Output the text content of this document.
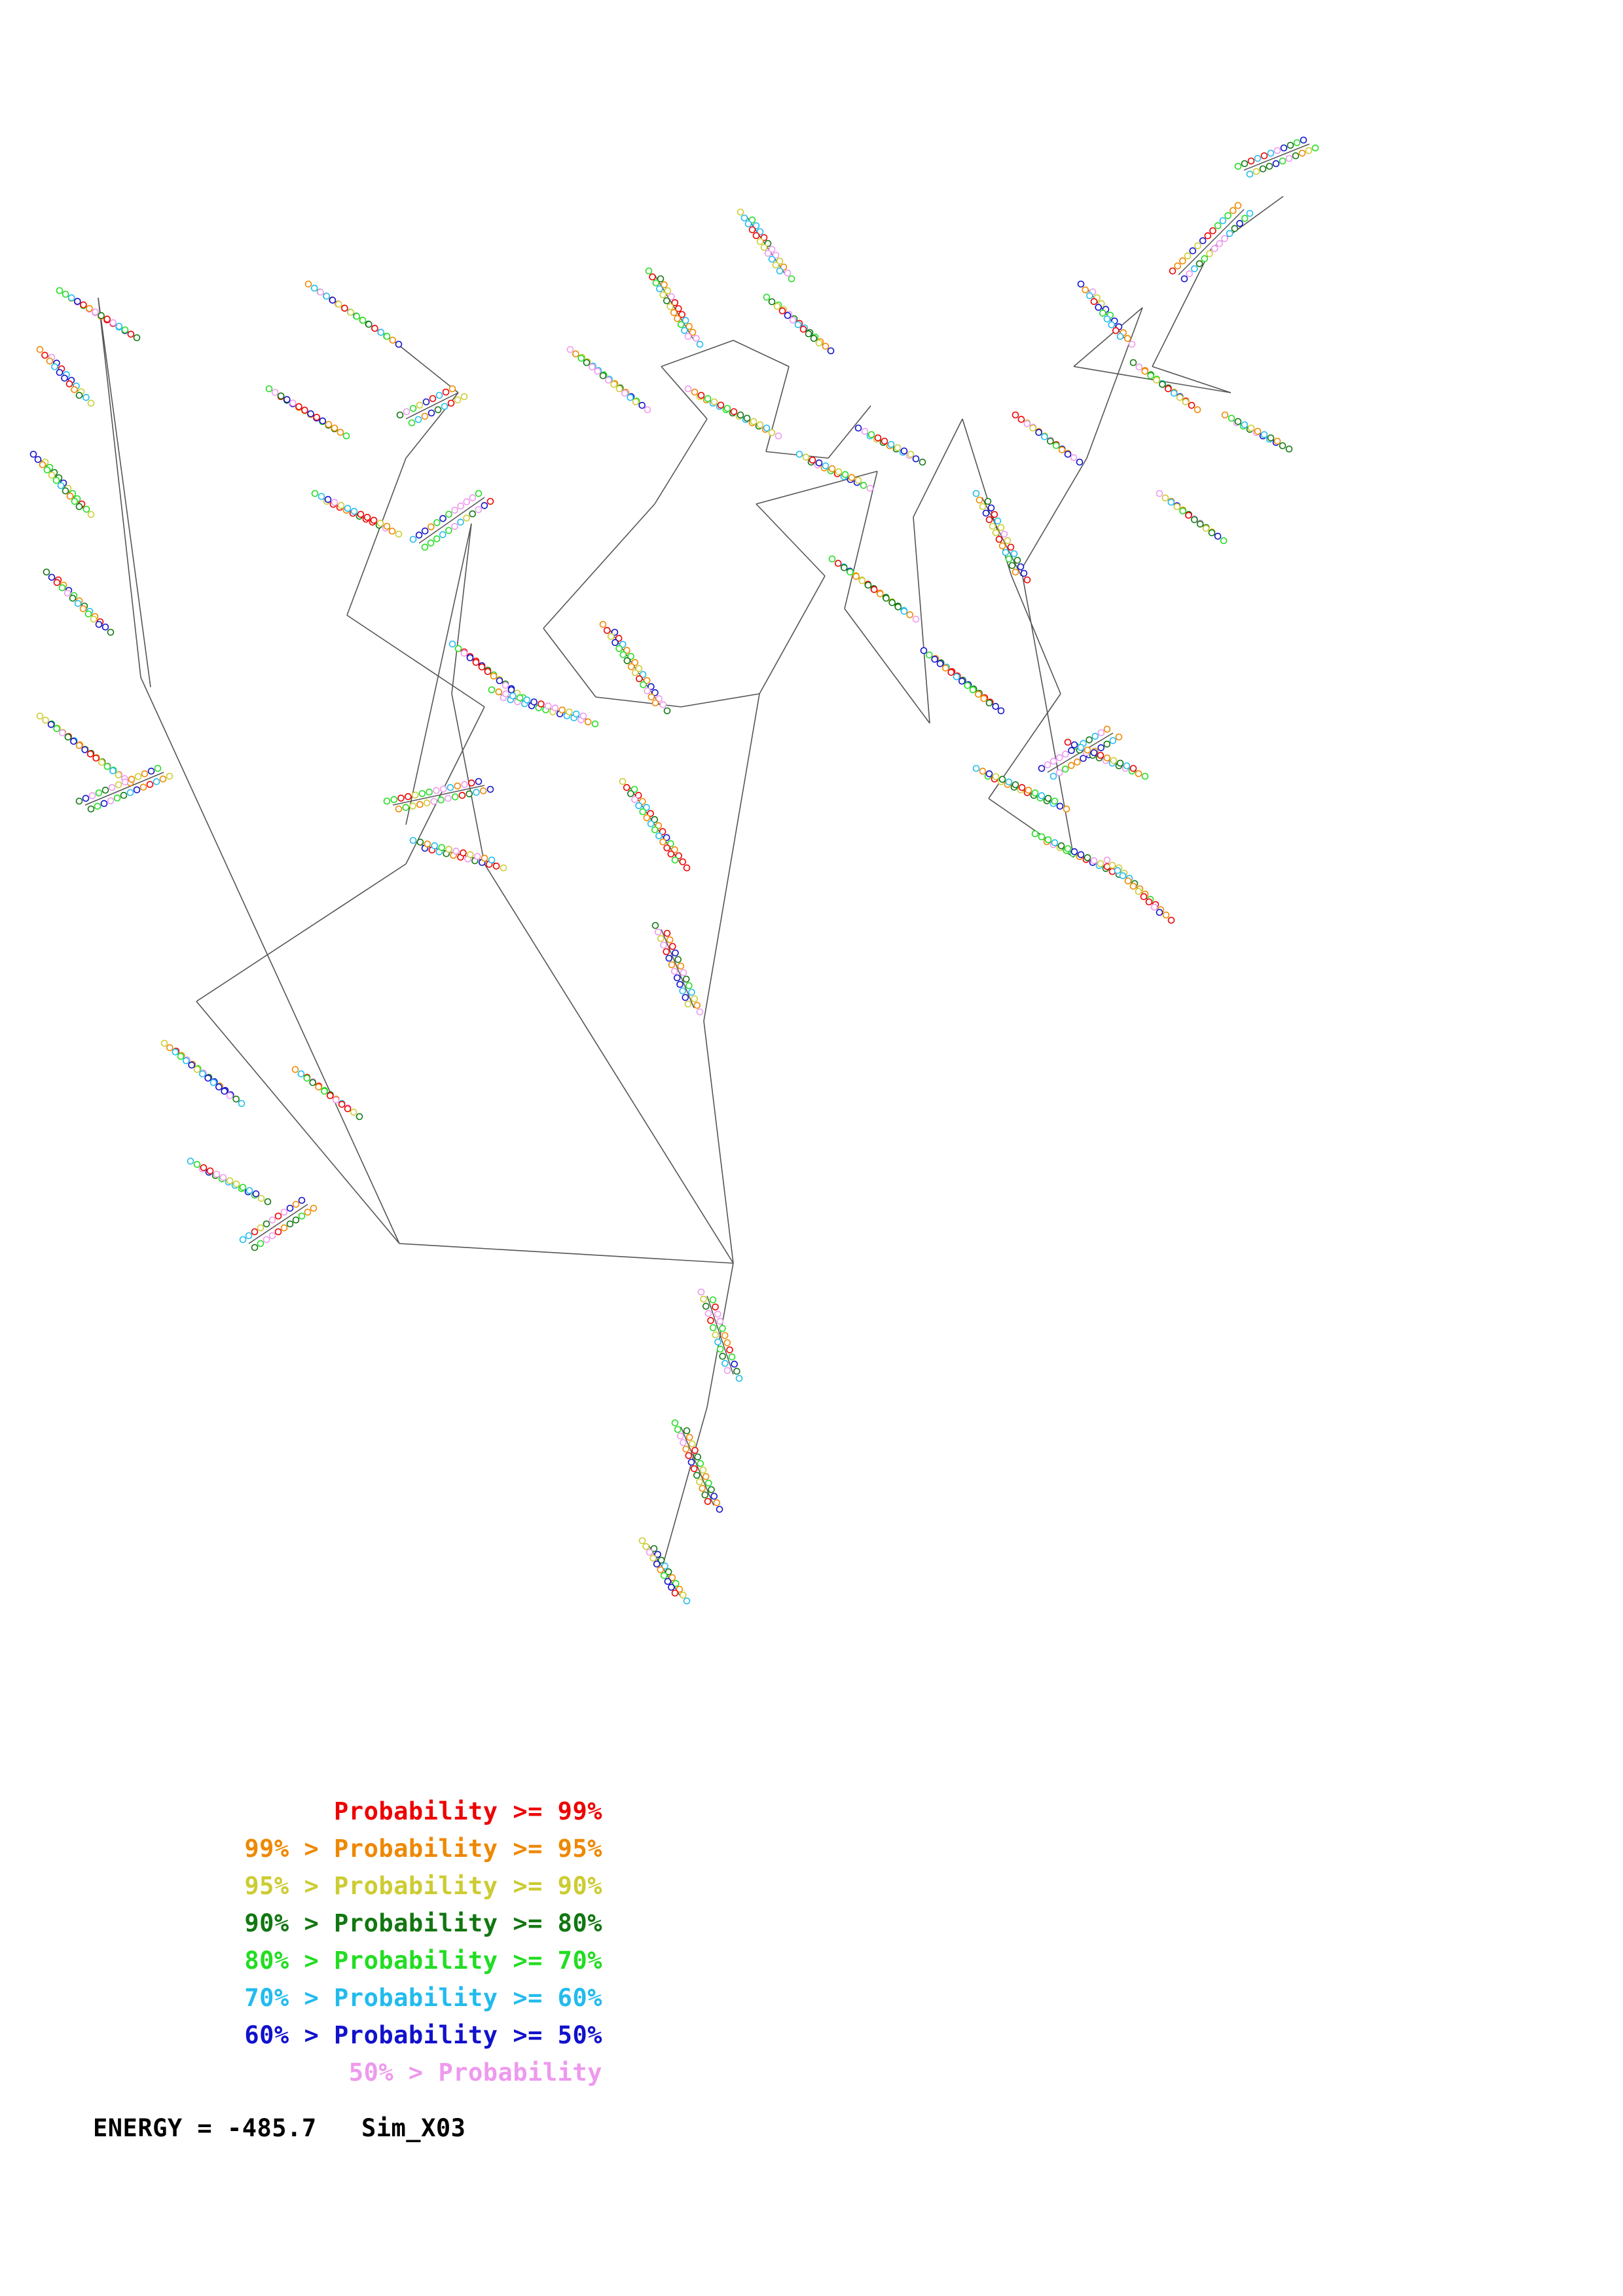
Probability >= 99%
99% > Probability >= 95%
95% > Probability >= 90%
90% > Probability >= 80%
80% > Probability >= 70%
70% > Probability >= 60%
60% > Probability >= 50%
50% > Probability
ENERGY = -485.7   Sim_X03
